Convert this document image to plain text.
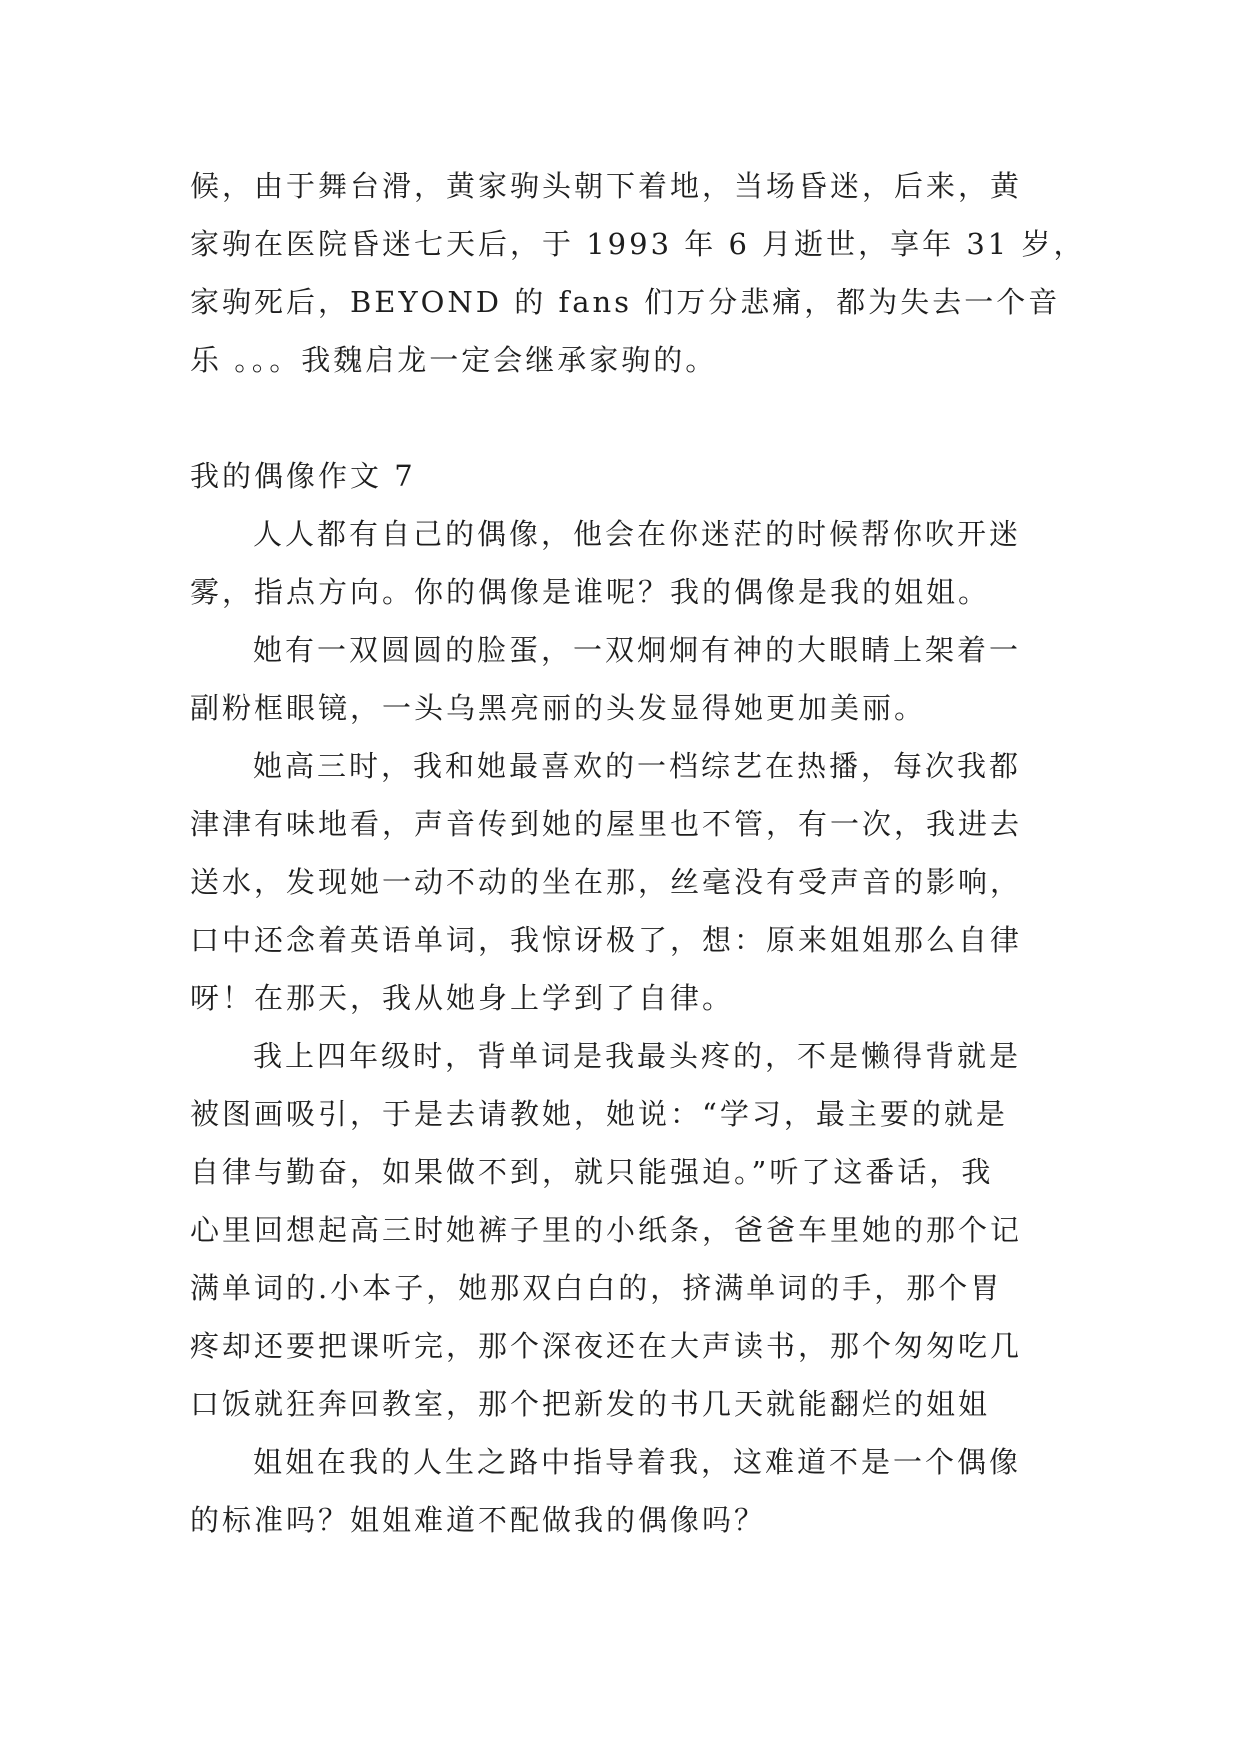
候，由于舞台滑，黄家驹头朝下着地，当场昏迷，后来，黄
家驹在医院昏迷七天后，于 1993 年 6 月逝世，享年 31 岁，
家驹死后，BEYOND 的 fans 们万分悲痛，都为失去一个音
乐 。。。我魏启龙一定会继承家驹的。
我的偶像作文 7
人人都有自己的偶像，他会在你迷茫的时候帮你吹开迷
雾，指点方向。你的偶像是谁呢？我的偶像是我的姐姐。
她有一双圆圆的脸蛋，一双炯炯有神的大眼睛上架着一
副粉框眼镜，一头乌黑亮丽的头发显得她更加美丽。
她高三时，我和她最喜欢的一档综艺在热播，每次我都
津津有味地看，声音传到她的屋里也不管，有一次，我进去
送水，发现她一动不动的坐在那，丝毫没有受声音的影响，
口中还念着英语单词，我惊讶极了，想：原来姐姐那么自律
呀！在那天，我从她身上学到了自律。
我上四年级时，背单词是我最头疼的，不是懒得背就是
被图画吸引，于是去请教她，她说：“学习，最主要的就是
自律与勤奋，如果做不到，就只能强迫。”听了这番话，我
心里回想起高三时她裤子里的小纸条，爸爸车里她的那个记
满单词的.小本子，她那双白白的，挤满单词的手，那个胃
疼却还要把课听完，那个深夜还在大声读书，那个匆匆吃几
口饭就狂奔回教室，那个把新发的书几天就能翻烂的姐姐
姐姐在我的人生之路中指导着我，这难道不是一个偶像
的标准吗？姐姐难道不配做我的偶像吗？
